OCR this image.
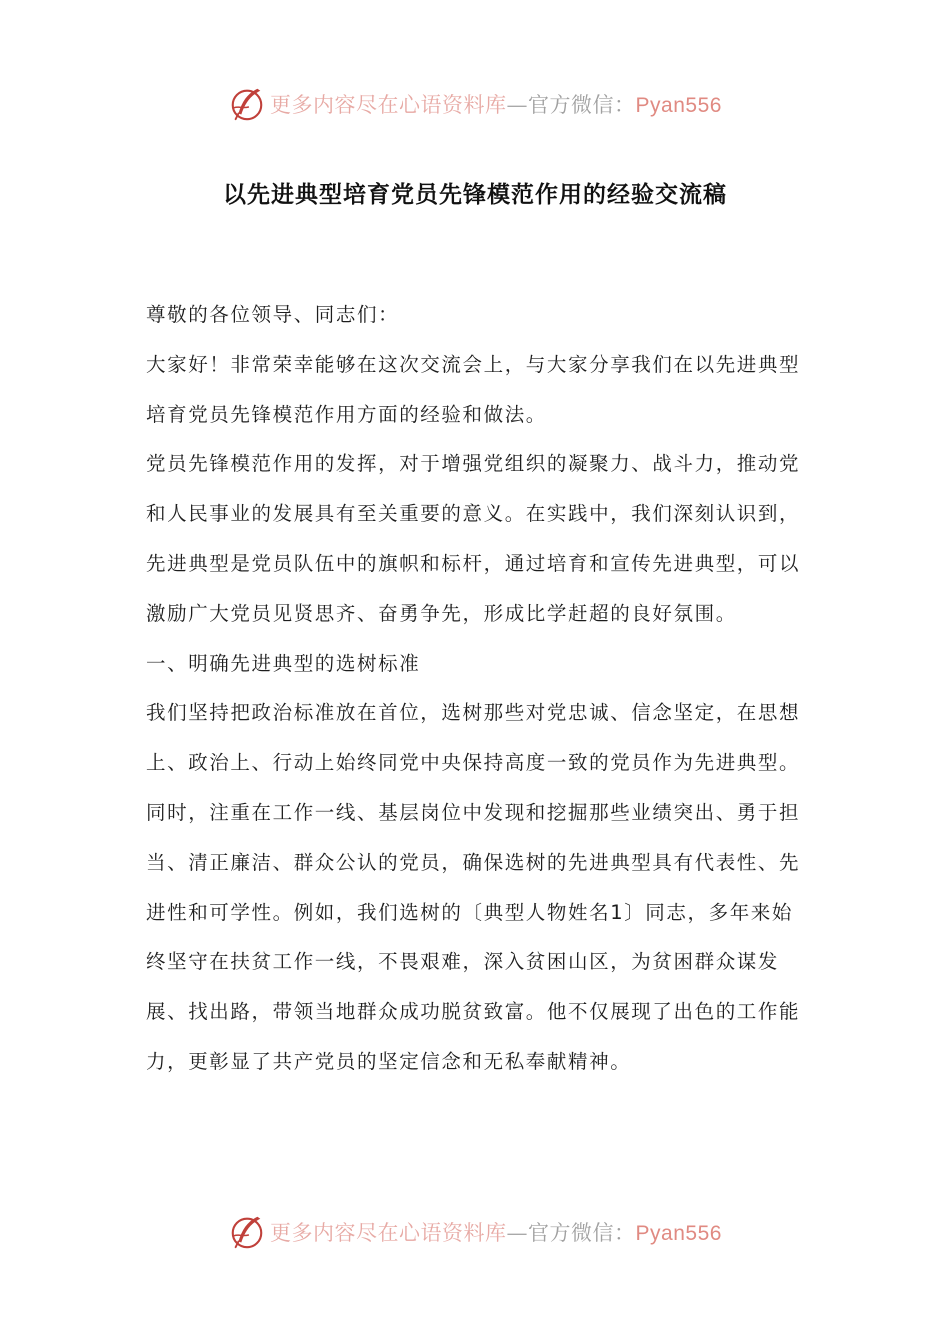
更多内容尽在心语资料库—官方微信：Pyan556
以先进典型培育党员先锋模范作用的经验交流稿

尊敬的各位领导、同志们：

大家好！非常荣幸能够在这次交流会上，与大家分享我们在以先进典型培育党员先锋模范作用方面的经验和做法。

党员先锋模范作用的发挥，对于增强党组织的凝聚力、战斗力，推动党和人民事业的发展具有至关重要的意义。在实践中，我们深刻认识到，先进典型是党员队伍中的旗帜和标杆，通过培育和宣传先进典型，可以激励广大党员见贤思齐、奋勇争先，形成比学赶超的良好氛围。

一、明确先进典型的选树标准

我们坚持把政治标准放在首位，选树那些对党忠诚、信念坚定，在思想上、政治上、行动上始终同党中央保持高度一致的党员作为先进典型。同时，注重在工作一线、基层岗位中发现和挖掘那些业绩突出、勇于担当、清正廉洁、群众公认的党员，确保选树的先进典型具有代表性、先进性和可学性。例如，我们选树的〔典型人物姓名1〕同志，多年来始终坚守在扶贫工作一线，不畏艰难，深入贫困山区，为贫困群众谋发展、找出路，带领当地群众成功脱贫致富。他不仅展现了出色的工作能力，更彰显了共产党员的坚定信念和无私奉献精神。

更多内容尽在心语资料库—官方微信：Pyan556
